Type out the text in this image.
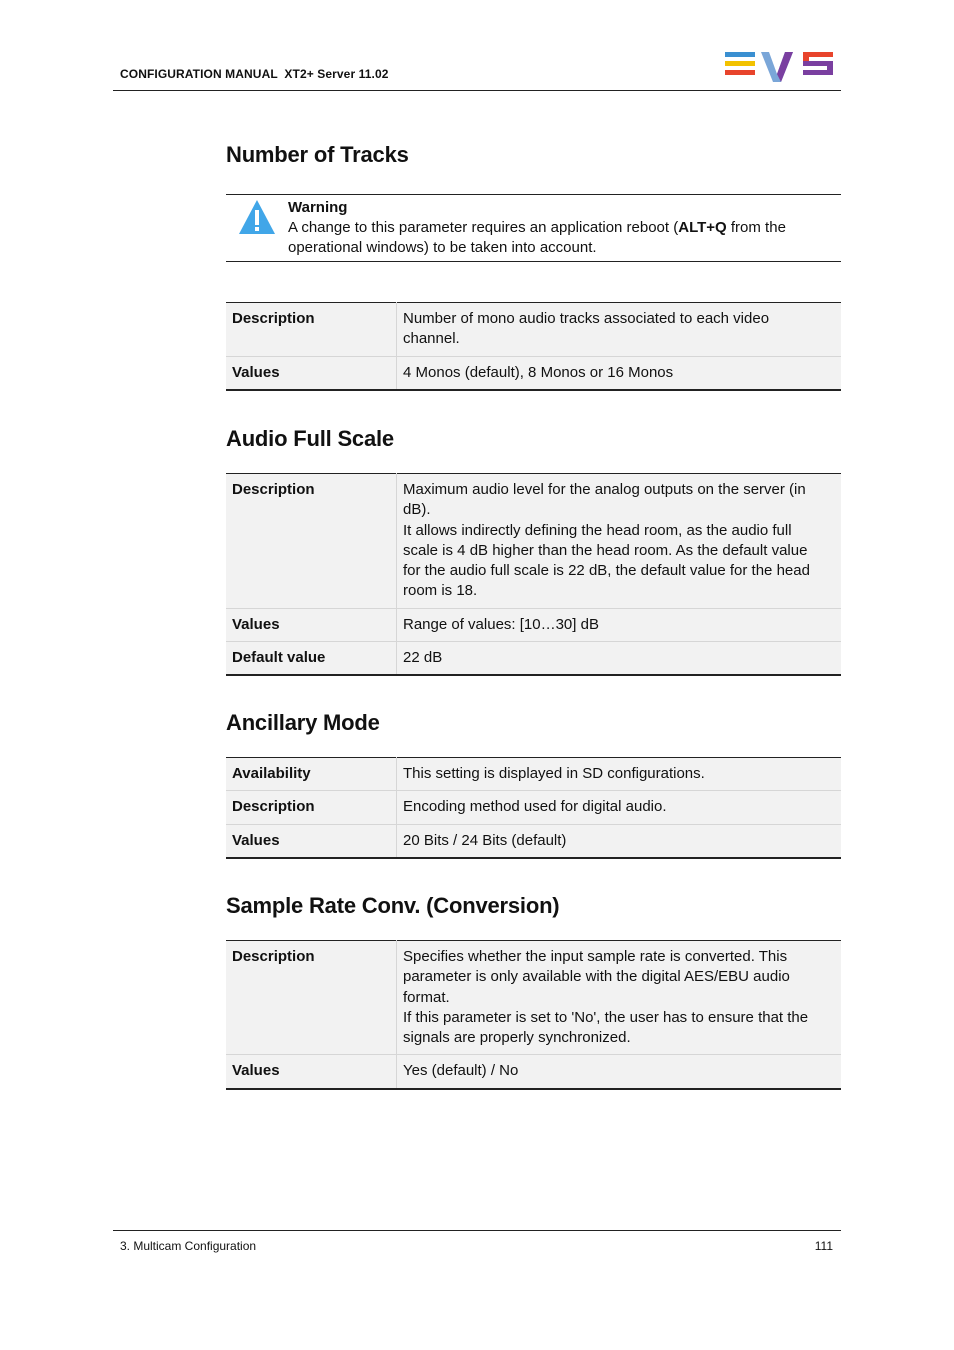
CONFIGURATION MANUAL  XT2+ Server 11.02
Number of Tracks
Warning
A change to this parameter requires an application reboot (ALT+Q from the operational windows) to be taken into account.
Description	Number of mono audio tracks associated to each video channel.
Values	4 Monos (default), 8 Monos or 16 Monos
Audio Full Scale
Description	Maximum audio level for the analog outputs on the server (in dB).
It allows indirectly defining the head room, as the audio full scale is 4 dB higher than the head room. As the default value for the audio full scale is 22 dB, the default value for the head room is 18.
Values	Range of values: [10…30] dB
Default value	22 dB
Ancillary Mode
Availability	This setting is displayed in SD configurations.
Description	Encoding method used for digital audio.
Values	20 Bits / 24 Bits (default)
Sample Rate Conv. (Conversion)
Description	Specifies whether the input sample rate is converted. This parameter is only available with the digital AES/EBU audio format.
If this parameter is set to 'No', the user has to ensure that the signals are properly synchronized.
Values	Yes (default) / No
3. Multicam Configuration	111
